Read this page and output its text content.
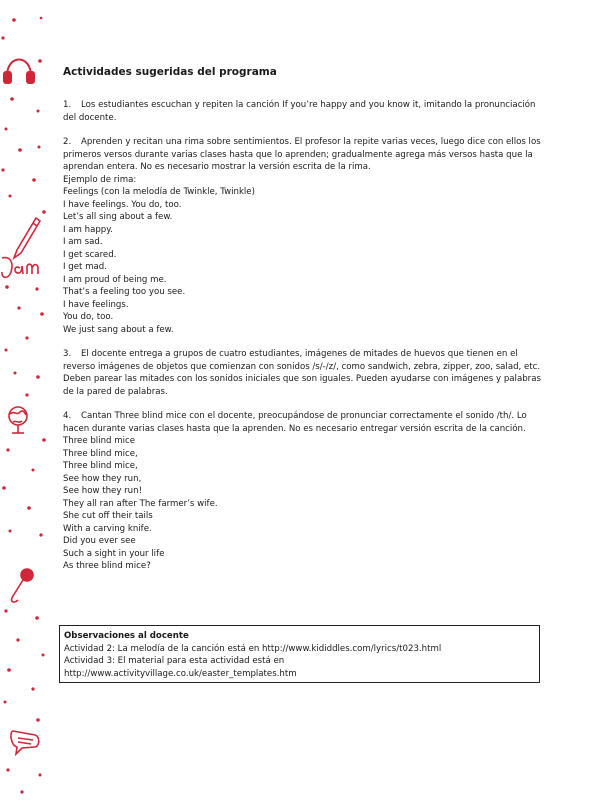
Actividades sugeridas del programa
1. Los estudiantes escuchan y repiten la canción If you’re happy and you know it, imitando la pronunciación del docente.
2. Aprenden y recitan una rima sobre sentimientos. El profesor la repite varias veces, luego dice con ellos los primeros versos durante varias clases hasta que lo aprenden; gradualmente agrega más versos hasta que la aprendan entera. No es necesario mostrar la versión escrita de la rima.
Ejemplo de rima:
Feelings (con la melodía de Twinkle, Twinkle)
I have feelings. You do, too.
Let’s all sing about a few.
I am happy.
I am sad.
I get scared.
I get mad.
I am proud of being me.
That’s a feeling too you see.
I have feelings.
You do, too.
We just sang about a few.
3. El docente entrega a grupos de cuatro estudiantes, imágenes de mitades de huevos que tienen en el reverso imágenes de objetos que comienzan con sonidos /s/-/z/, como sandwich, zebra, zipper, zoo, salad, etc. Deben parear las mitades con los sonidos iniciales que son iguales. Pueden ayudarse con imágenes y palabras de la pared de palabras.
4. Cantan Three blind mice con el docente, preocupándose de pronunciar correctamente el sonido /th/. Lo hacen durante varias clases hasta que la aprenden. No es necesario entregar versión escrita de la canción.
Three blind mice
Three blind mice,
Three blind mice,
See how they run,
See how they run!
They all ran after The farmer’s wife.
She cut off their tails
With a carving knife.
Did you ever see
Such a sight in your life
As three blind mice?
Observaciones al docente
Actividad 2: La melodía de la canción está en http://www.kididdles.com/lyrics/t023.html
Actividad 3: El material para esta actividad está en
http://www.activityvillage.co.uk/easter_templates.htm
